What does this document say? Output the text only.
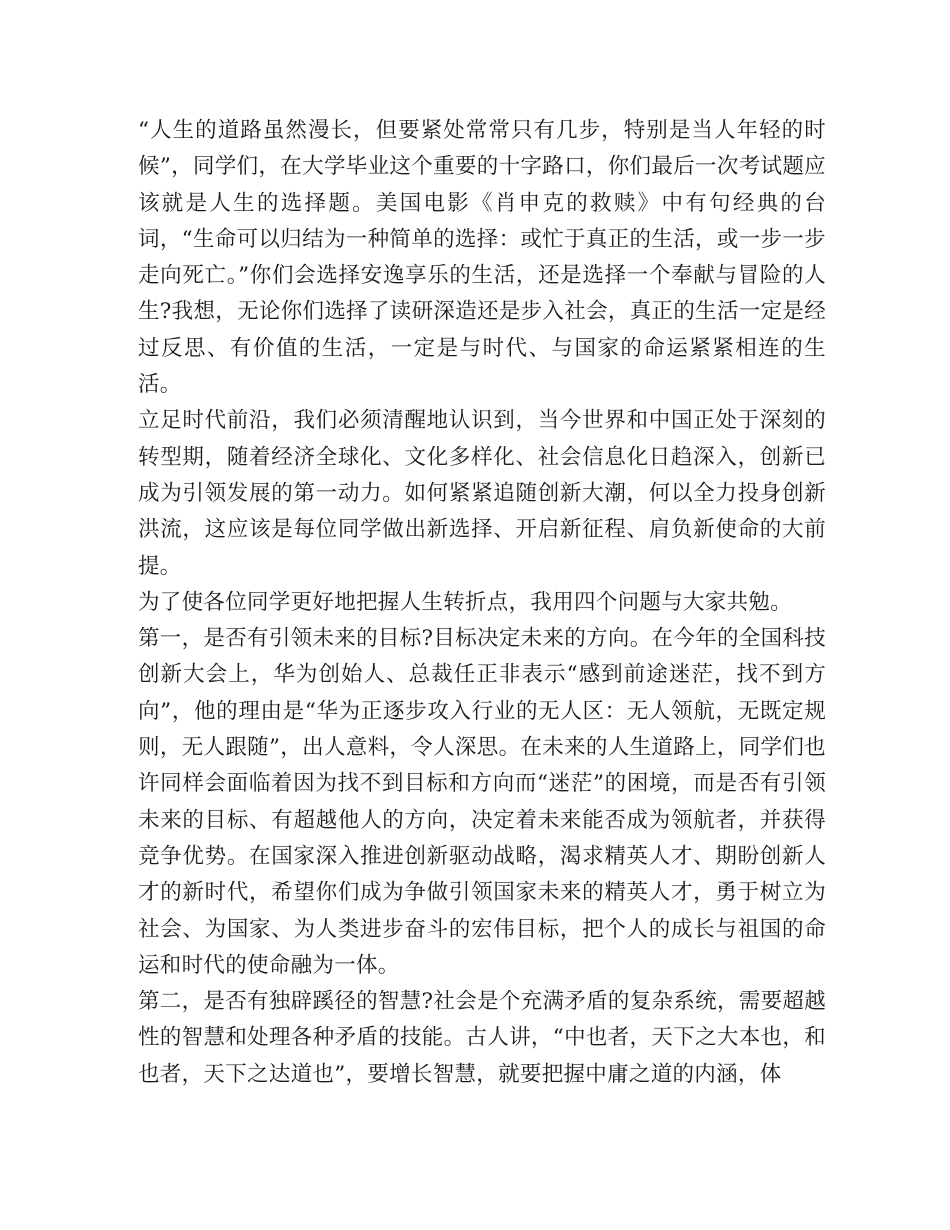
“人生的道路虽然漫长，但要紧处常常只有几步，特别是当人年轻的时候”，同学们，在大学毕业这个重要的十字路口，你们最后一次考试题应该就是人生的选择题。美国电影《肖申克的救赎》中有句经典的台词，“生命可以归结为一种简单的选择：或忙于真正的生活，或一步一步走向死亡。”你们会选择安逸享乐的生活，还是选择一个奉献与冒险的人生?我想，无论你们选择了读研深造还是步入社会，真正的生活一定是经过反思、有价值的生活，一定是与时代、与国家的命运紧紧相连的生活。

立足时代前沿，我们必须清醒地认识到，当今世界和中国正处于深刻的转型期，随着经济全球化、文化多样化、社会信息化日趋深入，创新已成为引领发展的第一动力。如何紧紧追随创新大潮，何以全力投身创新洪流，这应该是每位同学做出新选择、开启新征程、肩负新使命的大前提。

为了使各位同学更好地把握人生转折点，我用四个问题与大家共勉。

第一，是否有引领未来的目标?目标决定未来的方向。在今年的全国科技创新大会上，华为创始人、总裁任正非表示“感到前途迷茫，找不到方向”，他的理由是“华为正逐步攻入行业的无人区：无人领航，无既定规则，无人跟随”，出人意料，令人深思。在未来的人生道路上，同学们也许同样会面临着因为找不到目标和方向而“迷茫”的困境，而是否有引领未来的目标、有超越他人的方向，决定着未来能否成为领航者，并获得竞争优势。在国家深入推进创新驱动战略，渴求精英人才、期盼创新人才的新时代，希望你们成为争做引领国家未来的精英人才，勇于树立为社会、为国家、为人类进步奋斗的宏伟目标，把个人的成长与祖国的命运和时代的使命融为一体。

第二，是否有独辟蹊径的智慧?社会是个充满矛盾的复杂系统，需要超越性的智慧和处理各种矛盾的技能。古人讲，“中也者，天下之大本也，和也者，天下之达道也”，要增长智慧，就要把握中庸之道的内涵，体
